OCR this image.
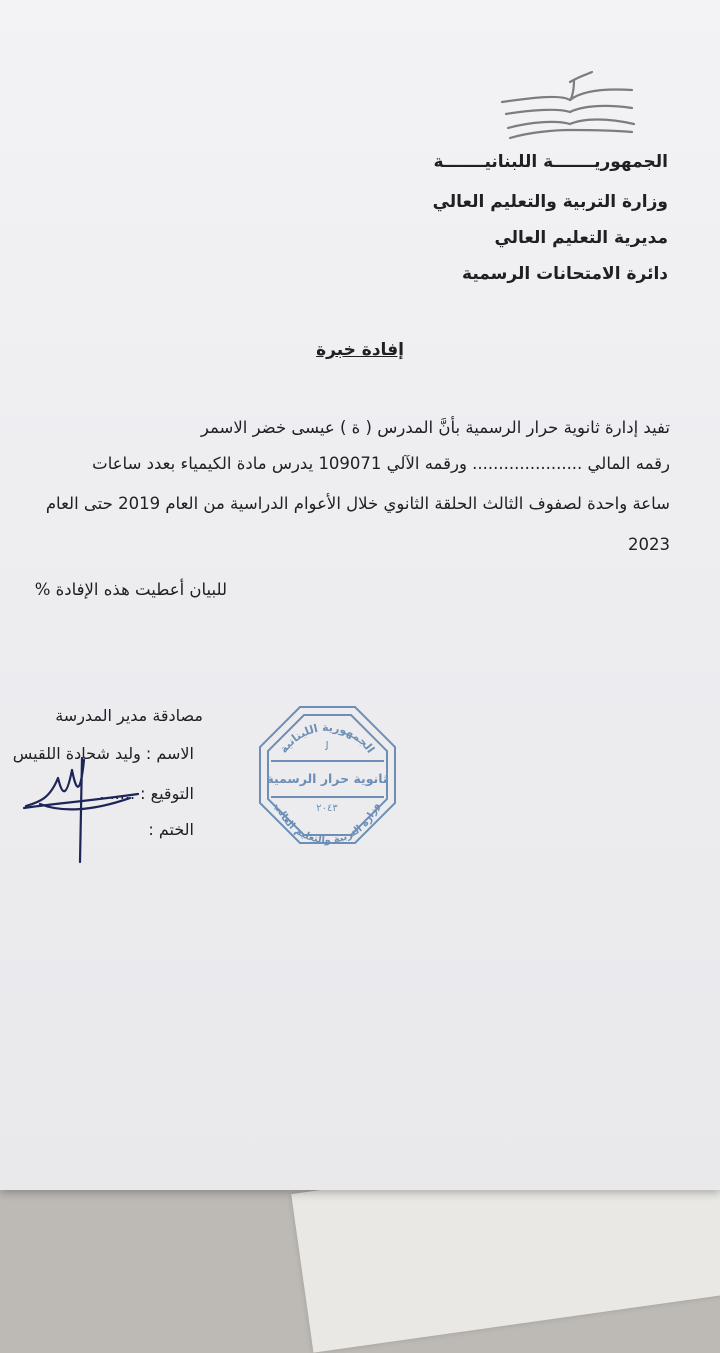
الجمهوريـــــــة اللبنانيـــــــة
وزارة التربية والتعليم العالي
مديرية التعليم العالي
دائرة الامتحانات الرسمية
إفادة خبرة
تفيد إدارة ثانوية حرار الرسمية بأنَّ المدرس ( ة ) عيسى خضر الاسمر
رقمه المالي ..................... ورقمه الآلي 109071 يدرس مادة الكيمياء بعدد ساعات
ساعة واحدة لصفوف الثالث الحلقة الثانوي خلال الأعوام الدراسية من العام 2019 حتى العام
2023
للبيان أعطيت هذه الإفادة %
مصادقة مدير المدرسة
الاسم : وليد شحادة اللقيس
التوقيع : .......
الختم :
الجمهورية اللبنانية
ﻟ
ثانوية حرار الرسمية
٢٠٤٣
وزارة التربية والتعليم العالي
